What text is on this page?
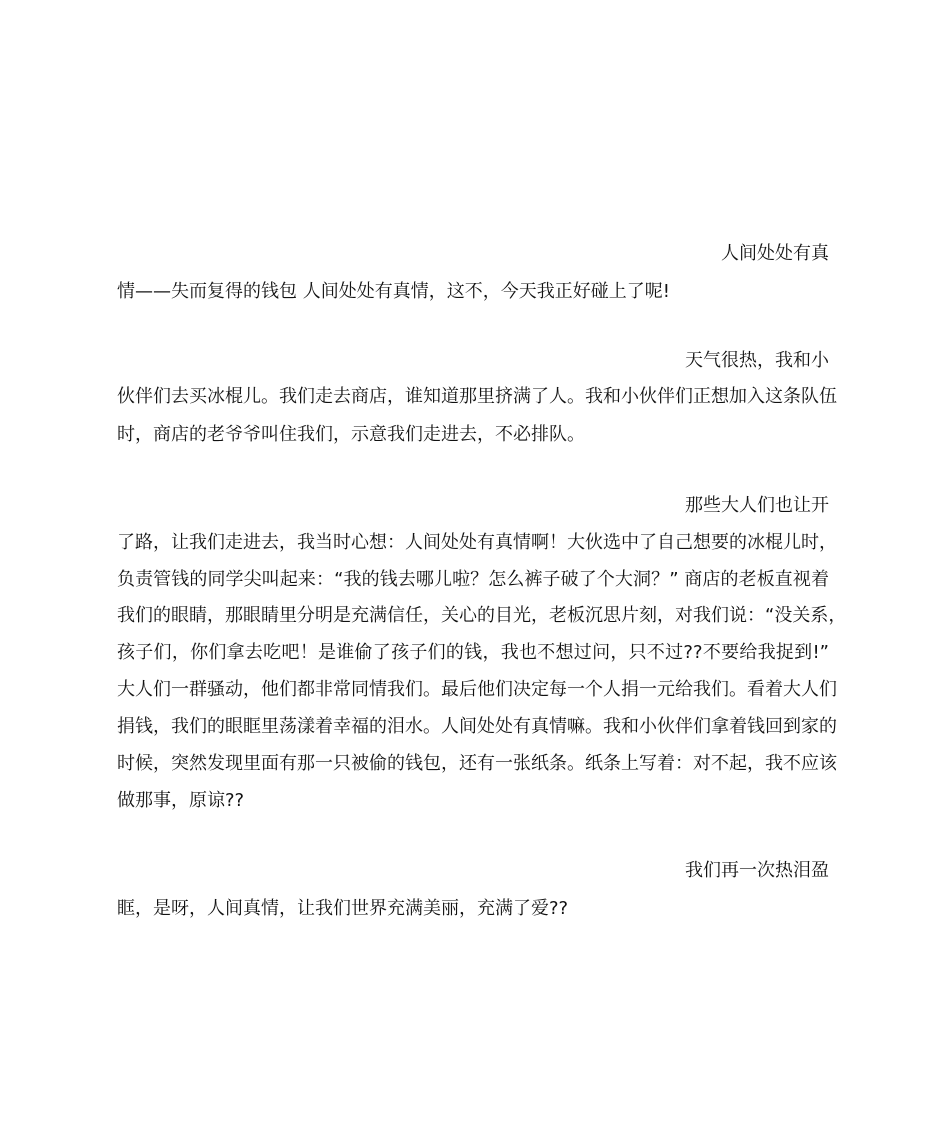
人间处处有真
情——失而复得的钱包 人间处处有真情，这不，今天我正好碰上了呢!
天气很热，我和小
伙伴们去买冰棍儿。我们走去商店，谁知道那里挤满了人。我和小伙伴们正想加入这条队伍
时，商店的老爷爷叫住我们，示意我们走进去，不必排队。
那些大人们也让开
了路，让我们走进去，我当时心想：人间处处有真情啊！大伙选中了自己想要的冰棍儿时，
负责管钱的同学尖叫起来：“我的钱去哪儿啦？怎么裤子破了个大洞？” 商店的老板直视着
我们的眼睛，那眼睛里分明是充满信任，关心的目光，老板沉思片刻，对我们说：“没关系，
孩子们，你们拿去吃吧！是谁偷了孩子们的钱，我也不想过问，只不过??不要给我捉到!”
大人们一群骚动，他们都非常同情我们。最后他们决定每一个人捐一元给我们。看着大人们
捐钱，我们的眼眶里荡漾着幸福的泪水。人间处处有真情嘛。我和小伙伴们拿着钱回到家的
时候，突然发现里面有那一只被偷的钱包，还有一张纸条。纸条上写着：对不起，我不应该
做那事，原谅??
我们再一次热泪盈
眶，是呀，人间真情，让我们世界充满美丽，充满了爱??
